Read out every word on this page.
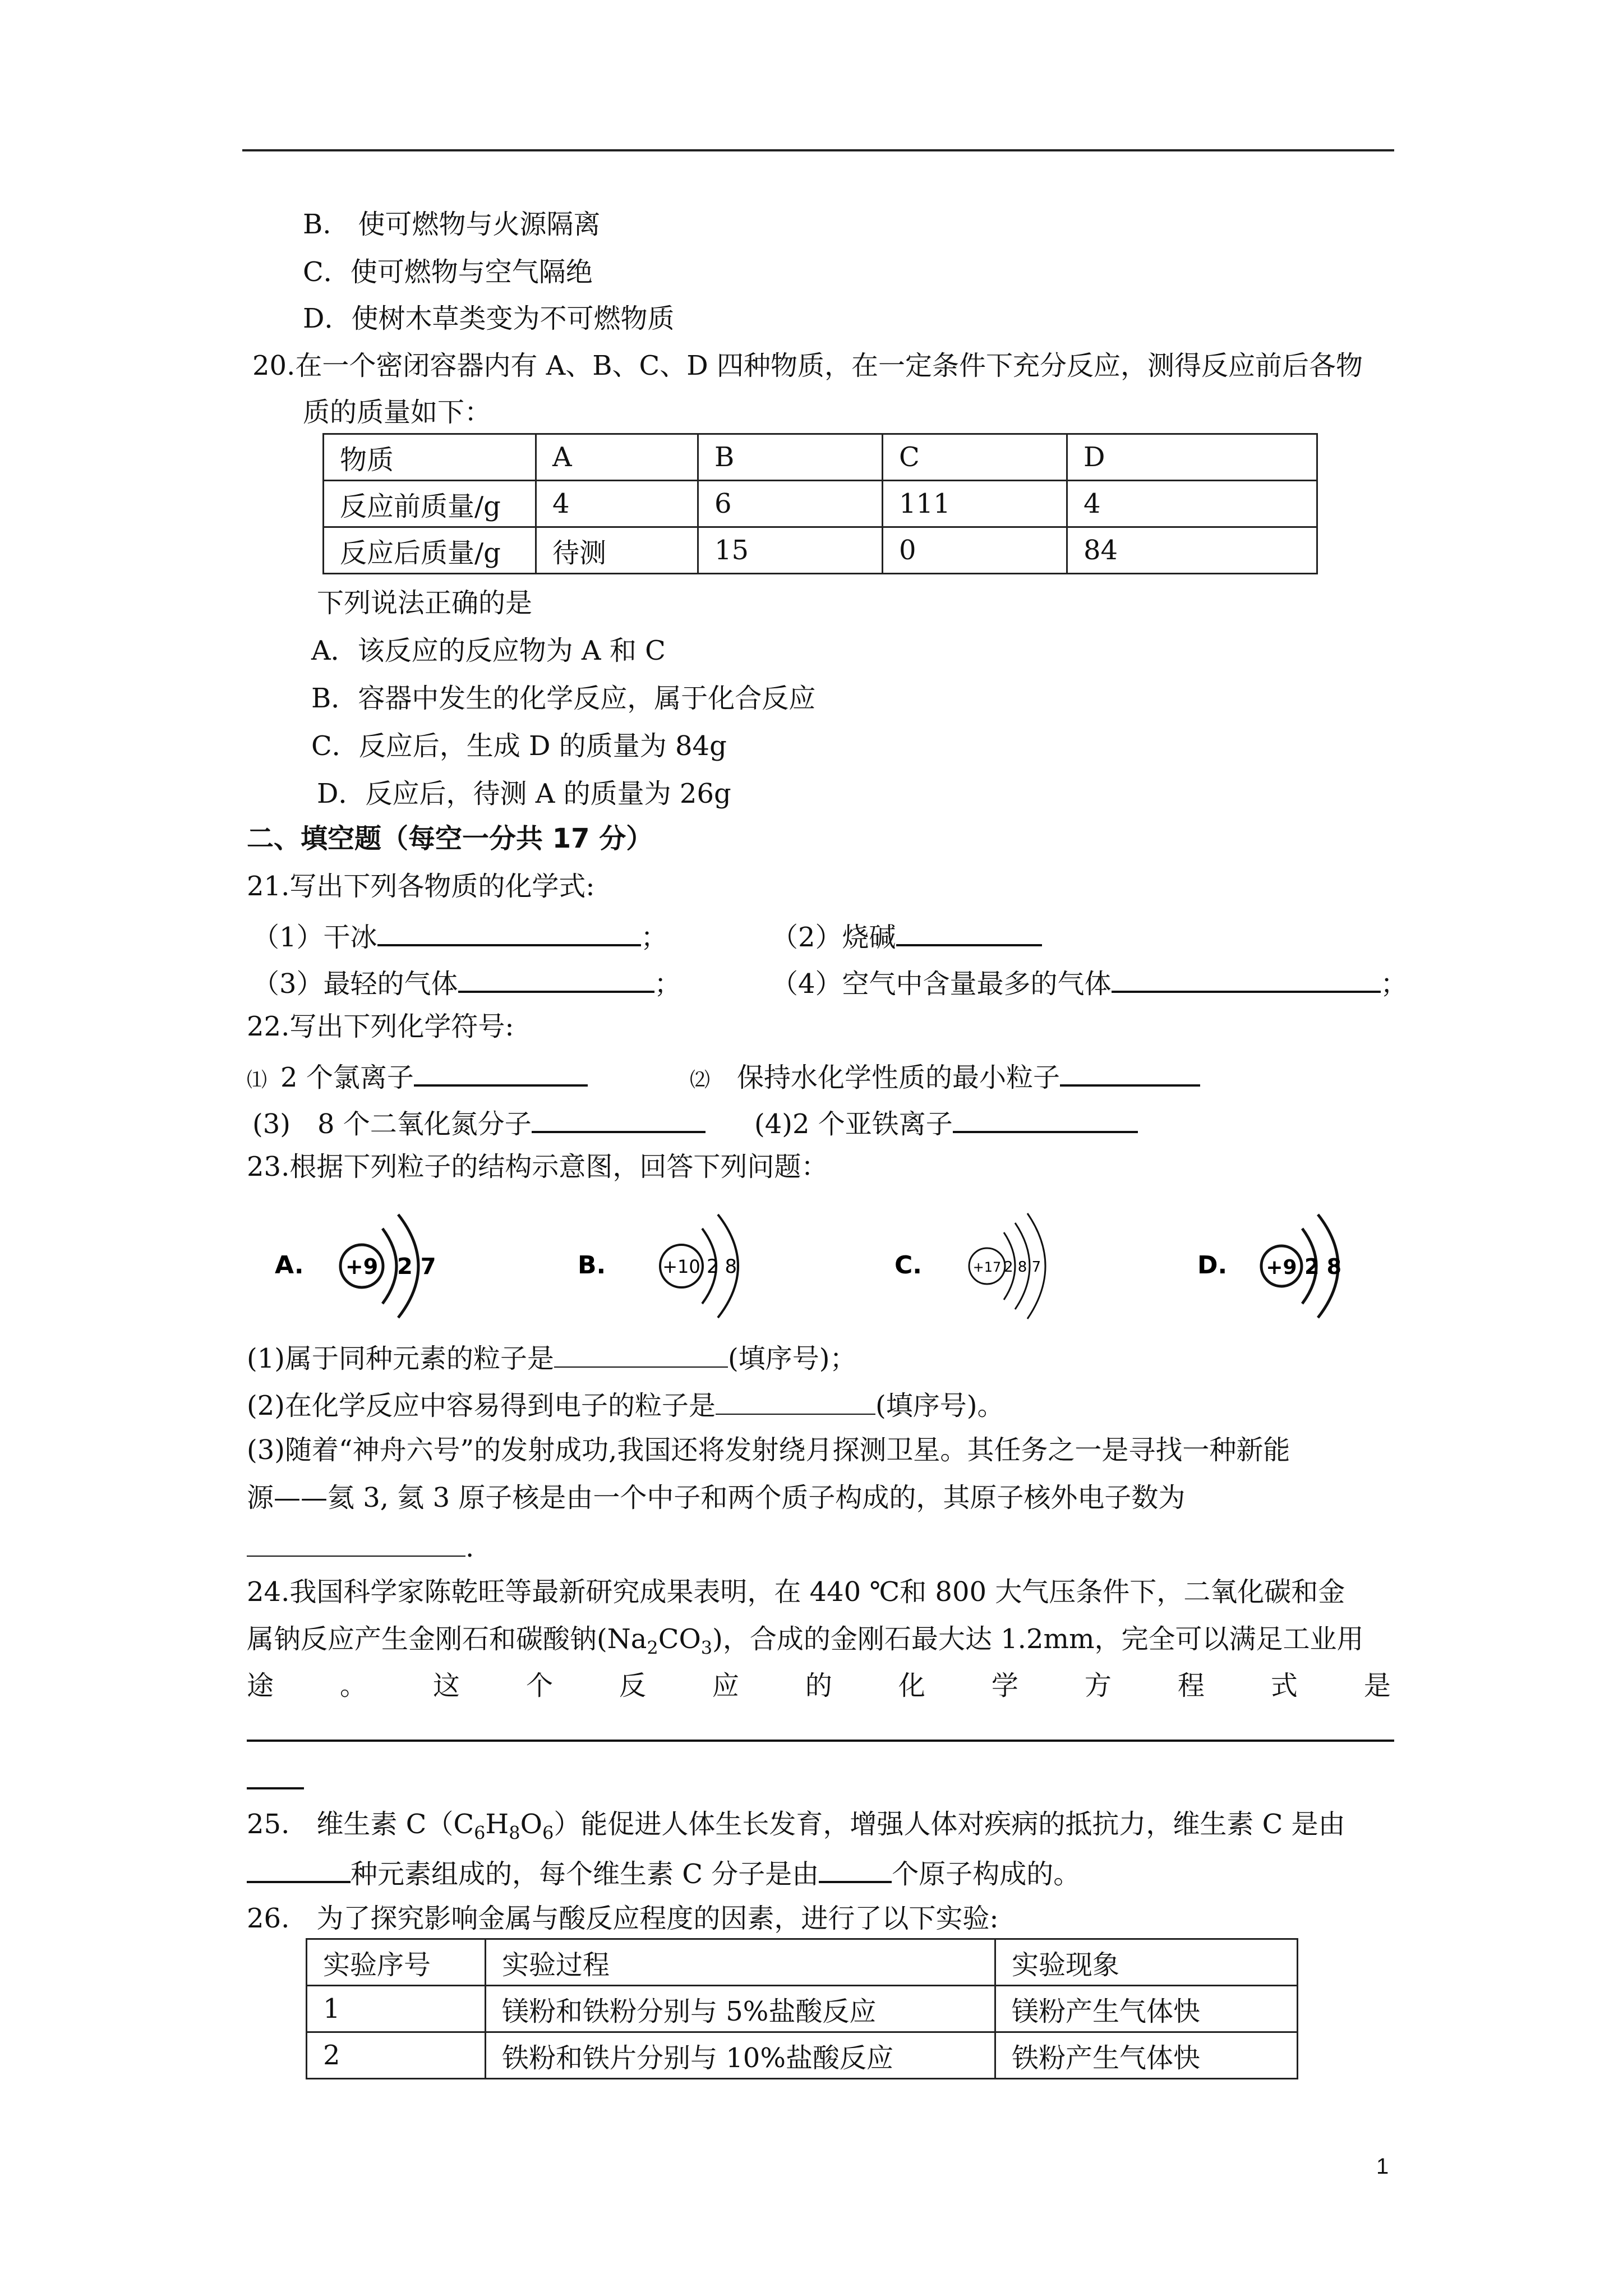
B.　使可燃物与火源隔离
C．使可燃物与空气隔绝
D．使树木草类变为不可燃物质
20.在一个密闭容器内有 A、B、C、D 四种物质，在一定条件下充分反应，测得反应前后各物
质的质量如下：
物质	A	B	C	D
反应前质量/g	4	6	111	4
反应后质量/g	待测	15	0	84
下列说法正确的是
A．该反应的反应物为 A 和 C
B．容器中发生的化学反应，属于化合反应
C．反应后，生成 D 的质量为 84g
D．反应后，待测 A 的质量为 26g
二、填空题（每空一分共 17 分）
21.写出下列各物质的化学式:
（1）干冰	；	（2）烧碱
（3）最轻的气体	；	（4）空气中含量最多的气体	；
22.写出下列化学符号:
⑴  2 个氯离子	⑵  保持水化学性质的最小粒子
(3)　8 个二氧化氮分子	(4)2 个亚铁离子
23.根据下列粒子的结构示意图，回答下列问题：
A. +9 2 7	B.	+10 2 8	C.	+17 2 8 7	D. +9 2 8
(1)属于同种元素的粒子是	(填序号)；
(2)在化学反应中容易得到电子的粒子是	(填序号)。
(3)随着“神舟六号”的发射成功,我国还将发射绕月探测卫星。其任务之一是寻找一种新能
源——氦 3, 氦 3 原子核是由一个中子和两个质子构成的，其原子核外电子数为
.
24.我国科学家陈乾旺等最新研究成果表明，在 440 ℃和 800 大气压条件下，二氧化碳和金
属钠反应产生金刚石和碳酸钠$(Na_2CO_3)$，合成的金刚石最大达 1.2mm，完全可以满足工业用
途 。 这 个 反 应 的 化 学 方 程 式 是
25.　维生素 $C(C_6H_8O_6)$能促进人体生长发育，增强人体对疾病的抵抗力，维生素 C 是由
种元素组成的，每个维生素 C 分子是由	个原子构成的。
26.　为了探究影响金属与酸反应程度的因素，进行了以下实验:
实验序号	实验过程	实验现象
1	镁粉和铁粉分别与 5%盐酸反应	镁粉产生气体快
2	铁粉和铁片分别与 10%盐酸反应	铁粉产生气体快
1
